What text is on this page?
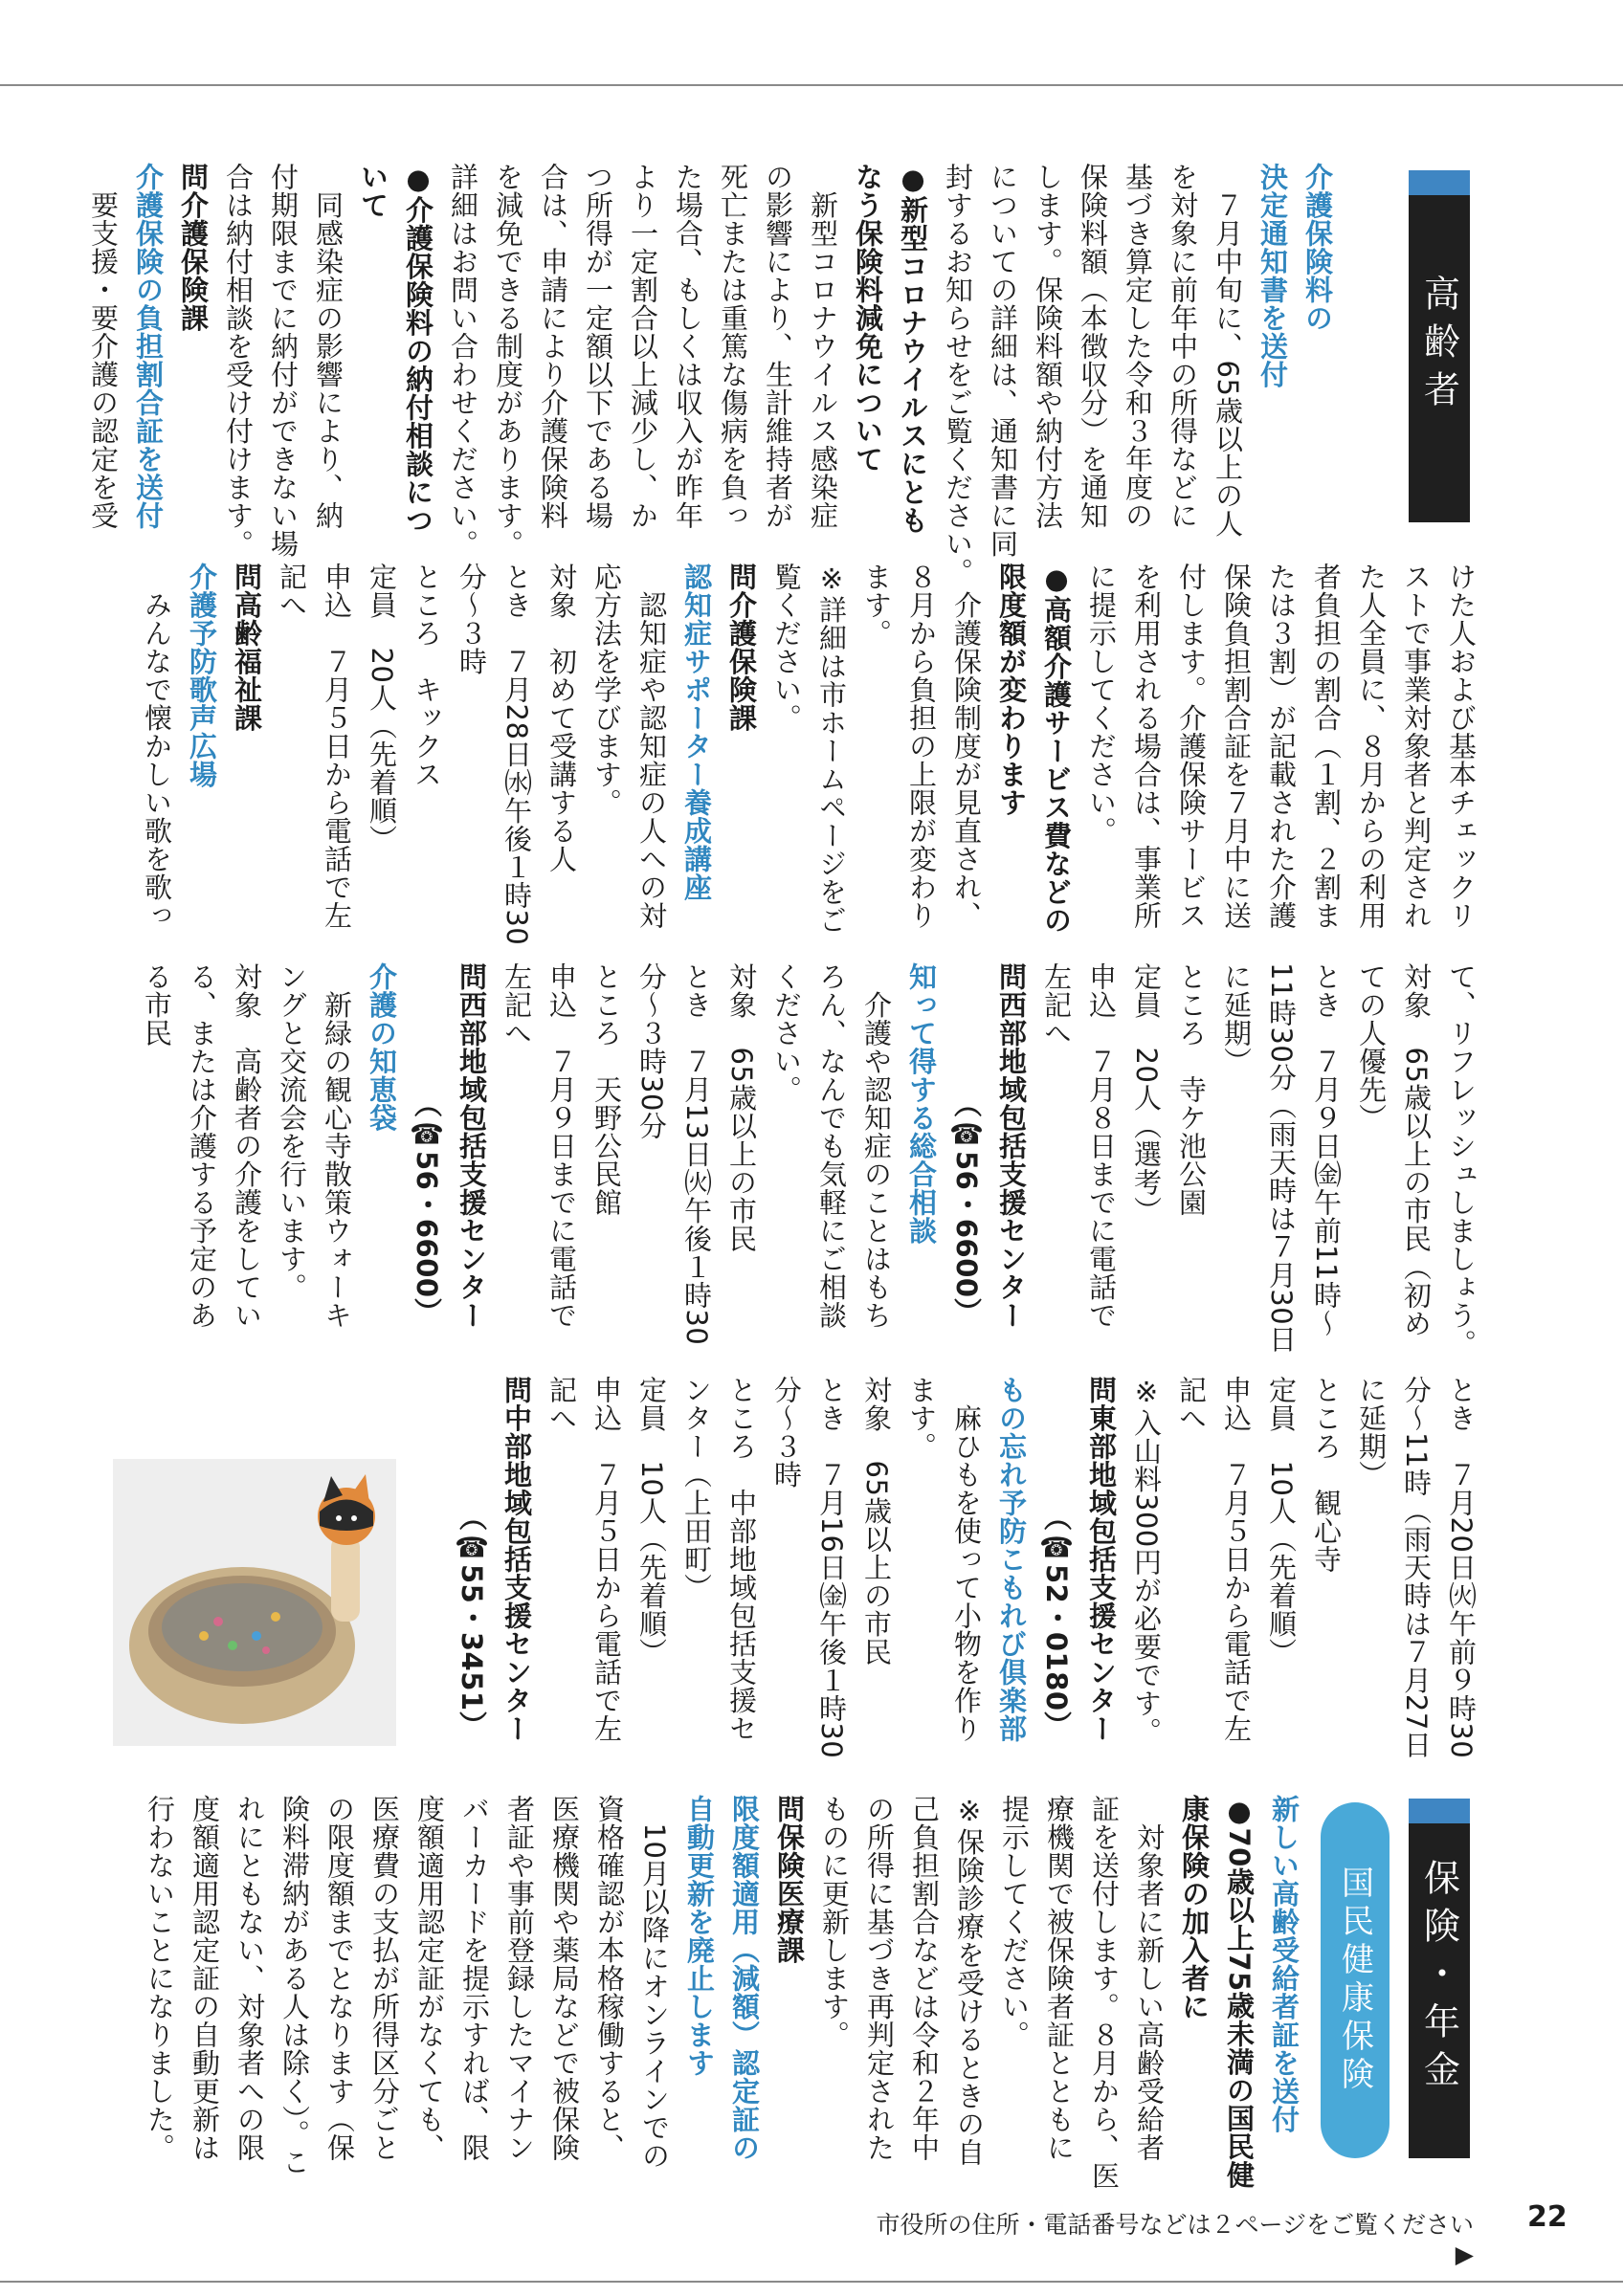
高齢者
保険・年金
国民健康保険
介護保険料の
決定通知書を送付
　７月中旬に、65歳以上の人
を対象に前年中の所得などに
基づき算定した令和３年度の
保険料額（本徴収分）を通知
します。保険料額や納付方法
についての詳細は、通知書に同
封するお知らせをご覧ください。
●新型コロナウイルスにとも
なう保険料減免について
　新型コロナウイルス感染症
の影響により、生計維持者が
死亡または重篤な傷病を負っ
た場合、もしくは収入が昨年
より一定割合以上減少し、か
つ所得が一定額以下である場
合は、申請により介護保険料
を減免できる制度があります。
詳細はお問い合わせください。
●介護保険料の納付相談につ
いて
　同感染症の影響により、納
付期限までに納付ができない場
合は納付相談を受け付けます。
問介護保険課
介護保険の負担割合証を送付
　要支援・要介護の認定を受
けた人および基本チェックリ
ストで事業対象者と判定され
た人全員に、８月からの利用
者負担の割合（１割、２割ま
たは３割）が記載された介護
保険負担割合証を７月中に送
付します。介護保険サービス
を利用される場合は、事業所
に提示してください。
●高額介護サービス費などの
限度額が変わります
　介護保険制度が見直され、
８月から負担の上限が変わり
ます。
※詳細は市ホームページをご
覧ください。
問介護保険課
認知症サポーター養成講座
　認知症や認知症の人への対
応方法を学びます。
対象　初めて受講する人
とき　７月28日㈬午後１時30
分～３時
ところ　キックス
定員　20人（先着順）
申込　７月５日から電話で左
記へ
問高齢福祉課
介護予防歌声広場
　みんなで懐かしい歌を歌っ
て、リフレッシュしましょう。
対象　65歳以上の市民（初め
ての人優先）
とき　７月９日㈮午前11時～
11時30分（雨天時は７月30日
に延期）
ところ　寺ケ池公園
定員　20人（選考）
申込　７月８日までに電話で
左記へ
問西部地域包括支援センター
　　　　　（☎56・6600）
知って得する総合相談
　介護や認知症のことはもち
ろん、なんでも気軽にご相談
ください。
対象　65歳以上の市民
とき　７月13日㈫午後１時30
分～３時30分
ところ　天野公民館
申込　７月９日までに電話で
左記へ
問西部地域包括支援センター
　　　　　（☎56・6600）
介護の知恵袋
　新緑の観心寺散策ウォーキ
ングと交流会を行います。
対象　高齢者の介護をしてい
る、または介護する予定のあ
る市民
とき　７月20日㈫午前９時30
分～11時（雨天時は７月27日
に延期）
ところ　観心寺
定員　10人（先着順）
申込　７月５日から電話で左
記へ
※入山料300円が必要です。
問東部地域包括支援センター
　　　　　（☎52・0180）
もの忘れ予防こもれび倶楽部
　麻ひもを使って小物を作り
ます。
対象　65歳以上の市民
とき　７月16日㈮午後１時30
分～３時
ところ　中部地域包括支援セ
ンター（上田町）
定員　10人（先着順）
申込　７月５日から電話で左
記へ
問中部地域包括支援センター
　　　　　（☎55・3451）
新しい高齢受給者証を送付
●70歳以上75歳未満の国民健
康保険の加入者に
　対象者に新しい高齢受給者
証を送付します。８月から、医
療機関で被保険者証とともに
提示してください。
※保険診療を受けるときの自
己負担割合などは令和２年中
の所得に基づき再判定された
ものに更新します。
問保険医療課
限度額適用（減額）認定証の
自動更新を廃止します
　10月以降にオンラインでの
資格確認が本格稼働すると、
医療機関や薬局などで被保険
者証や事前登録したマイナン
バーカードを提示すれば、限
度額適用認定証がなくても、
医療費の支払が所得区分ごと
の限度額までとなります（保
険料滞納がある人は除く）。こ
れにともない、対象者への限
度額適用認定証の自動更新は
行わないことになりました。
市役所の住所・電話番号などは２ページをご覧ください▶
22
